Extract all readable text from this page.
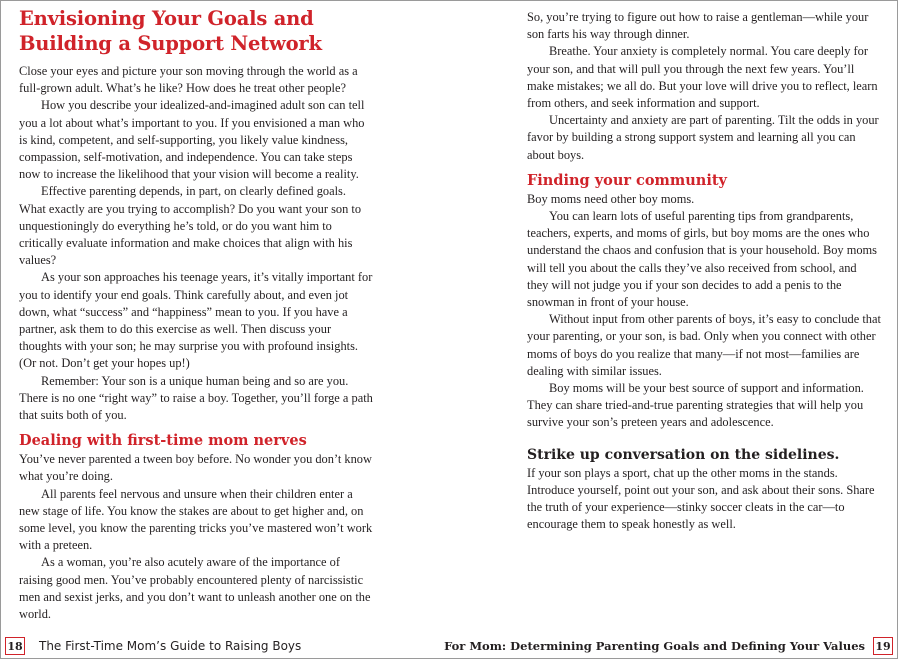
Envisioning Your Goals and
Building a Support Network

Close your eyes and picture your son moving through the world as a full-grown adult. What’s he like? How does he treat other people?

How you describe your idealized-and-imagined adult son can tell you a lot about what’s important to you. If you envisioned a man who is kind, competent, and self-supporting, you likely value kindness, compassion, self-motivation, and independence. You can take steps now to increase the likelihood that your vision will become a reality.

Effective parenting depends, in part, on clearly defined goals. What exactly are you trying to accomplish? Do you want your son to unquestioningly do everything he’s told, or do you want him to critically evaluate information and make choices that align with his values?

As your son approaches his teenage years, it’s vitally important for you to identify your end goals. Think carefully about, and even jot down, what “success” and “happiness” mean to you. If you have a partner, ask them to do this exercise as well. Then discuss your thoughts with your son; he may surprise you with profound insights. (Or not. Don’t get your hopes up!)

Remember: Your son is a unique human being and so are you. There is no one “right way” to raise a boy. Together, you’ll forge a path that suits both of you.

Dealing with first-time mom nerves

You’ve never parented a tween boy before. No wonder you don’t know what you’re doing.

All parents feel nervous and unsure when their children enter a new stage of life. You know the stakes are about to get higher and, on some level, you know the parenting tricks you’ve mastered won’t work with a preteen.

As a woman, you’re also acutely aware of the importance of raising good men. You’ve probably encountered plenty of narcissistic men and sexist jerks, and you don’t want to unleash another one on the world.

So, you’re trying to figure out how to raise a gentleman—while your son farts his way through dinner.

Breathe. Your anxiety is completely normal. You care deeply for your son, and that will pull you through the next few years. You’ll make mistakes; we all do. But your love will drive you to reflect, learn from others, and seek information and support.

Uncertainty and anxiety are part of parenting. Tilt the odds in your favor by building a strong support system and learning all you can about boys.

Finding your community

Boy moms need other boy moms.

You can learn lots of useful parenting tips from grandparents, teachers, experts, and moms of girls, but boy moms are the ones who understand the chaos and confusion that is your household. Boy moms will tell you about the calls they’ve also received from school, and they will not judge you if your son decides to add a penis to the snowman in front of your house.

Without input from other parents of boys, it’s easy to conclude that your parenting, or your son, is bad. Only when you connect with other moms of boys do you realize that many—if not most—families are dealing with similar issues.

Boy moms will be your best source of support and information. They can share tried-and-true parenting strategies that will help you survive your son’s preteen years and adolescence.

Strike up conversation on the sidelines.

If your son plays a sport, chat up the other moms in the stands. Introduce yourself, point out your son, and ask about their sons. Share the truth of your experience—stinky soccer cleats in the car—to encourage them to speak honestly as well.

18 The First-Time Mom’s Guide to Raising Boys	For Mom: Determining Parenting Goals and Defining Your Values 19
